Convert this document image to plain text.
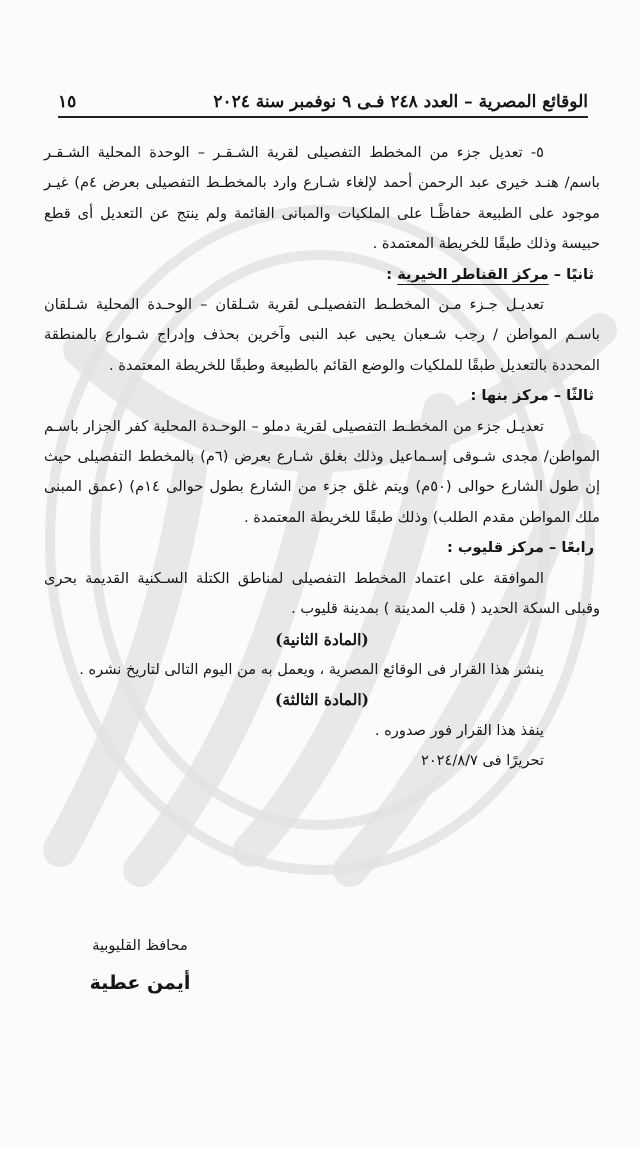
الوقائع المصرية – العدد ٢٤٨ فـى ٩ نوفمبر سنة ٢٠٢٤
١٥

٥- تعديل جزء من المخطط التفصيلى لقرية الشـقـر – الوحدة المحلية الشـقـر باسم/ هنـد خيرى عبد الرحمن أحمد لإلغاء شـارع وارد بالمخطـط التفصيلى بعرض ٤م) غيـر موجود على الطبيعة حفاظًـا على الملكيات والمبانى القائمة ولم ينتج عن التعديل أى قطع حبيسة وذلك طبقًا للخريطة المعتمدة .

ثانيًا – مركز القناطر الخيرية :

تعديـل جـزء مـن المخطـط التفصيلـى لقرية شـلقان – الوحـدة المحلية شـلقان باسـم المواطن / رجب شـعبان يحيى عبد النبى وآخرين بحذف وإدراج شـوارع بالمنطقة المحددة بالتعديل طبقًا للملكيات والوضع القائم بالطبيعة وطبقًا للخريطة المعتمدة .

ثالثًا – مركز بنها :

تعديـل جزء من المخطـط التفصيلى لقرية دملو – الوحـدة المحلية كفر الجزار باسـم المواطن/ مجدى شـوقى إسـماعيل وذلك بغلق شـارع بعرض (٦م) بالمخطط التفصيلى حيث إن طول الشارع حوالى (٥٠م) ويتم غلق جزء من الشارع بطول حوالى ١٤م) (عمق المبنى ملك المواطن مقدم الطلب) وذلك طبقًا للخريطة المعتمدة .

رابعًا – مركز قليوب :

الموافقة على اعتماد المخطط التفصيلى لمناطق الكتلة السـكنية القديمة بحرى وقبلى السكة الحديد ( قلب المدينة ) بمدينة قليوب .

(المادة الثانية)

ينشر هذا القرار فى الوقائع المصرية ، ويعمل به من اليوم التالى لتاريخ نشره .

(المادة الثالثة)

ينفذ هذا القرار فور صدوره .

تحريرًا فى ٢٠٢٤/٨/٧

محافظ القليوبية
أيمن عطية
